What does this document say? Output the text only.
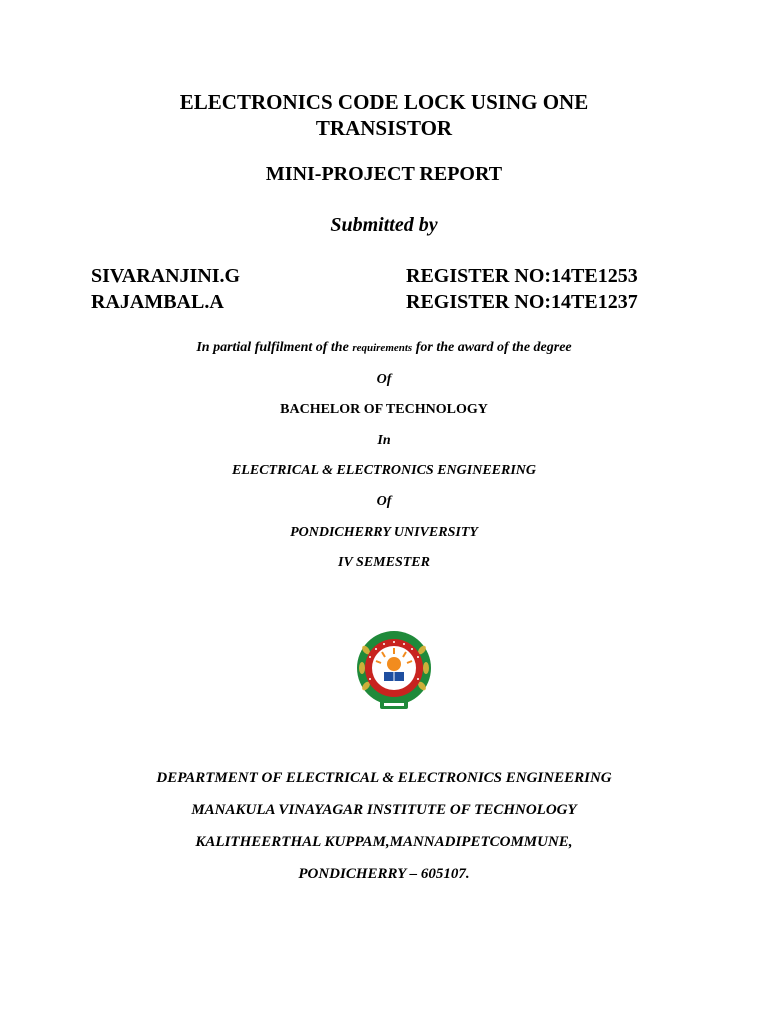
ELECTRONICS CODE LOCK USING ONE
TRANSISTOR
MINI-PROJECT REPORT
Submitted by
SIVARANJINI.G	REGISTER NO:14TE1253
RAJAMBAL.A	REGISTER NO:14TE1237
In partial fulfilment of the requirements for the award of the degree
Of
BACHELOR OF TECHNOLOGY
In
ELECTRICAL & ELECTRONICS ENGINEERING
Of
PONDICHERRY UNIVERSITY
IV SEMESTER
DEPARTMENT OF ELECTRICAL & ELECTRONICS ENGINEERING
MANAKULA VINAYAGAR INSTITUTE OF TECHNOLOGY
KALITHEERTHAL KUPPAM,MANNADIPETCOMMUNE,
PONDICHERRY – 605107.
